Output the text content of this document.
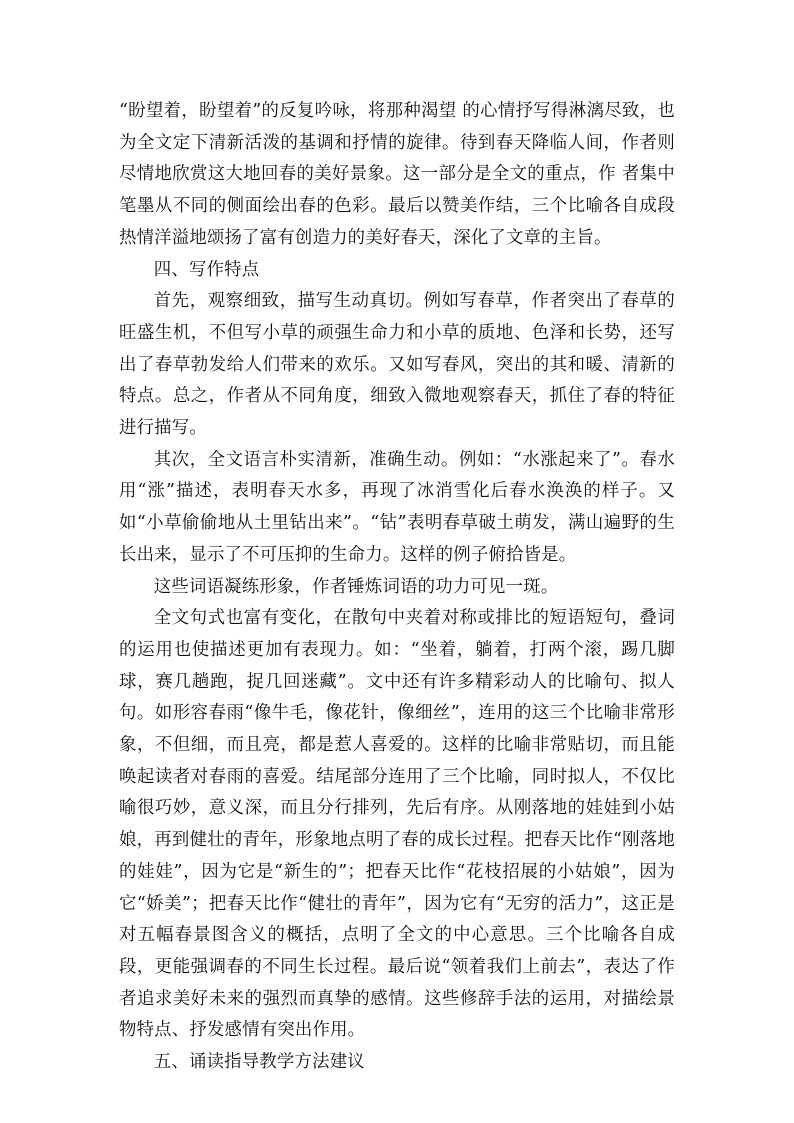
“盼望着，盼望着”的反复吟咏，将那种渴望 的心情抒写得淋漓尽致，也为全文定下清新活泼的基调和抒情的旋律。待到春天降临人间，作者则尽情地欣赏这大地回春的美好景象。这一部分是全文的重点，作 者集中笔墨从不同的侧面绘出春的色彩。最后以赞美作结，三个比喻各自成段热情洋溢地颂扬了富有创造力的美好春天，深化了文章的主旨。

四、写作特点

首先，观察细致，描写生动真切。例如写春草，作者突出了春草的旺盛生机，不但写小草的顽强生命力和小草的质地、色泽和长势，还写出了春草勃发给人们带来的欢乐。又如写春风，突出的其和暖、清新的特点。总之，作者从不同角度，细致入微地观察春天，抓住了春的特征进行描写。

其次，全文语言朴实清新，准确生动。例如：“水涨起来了”。春水用“涨”描述，表明春天水多，再现了冰消雪化后春水涣涣的样子。又如“小草偷偷地从土里钻出来”。“钻”表明春草破土萌发，满山遍野的生长出来，显示了不可压抑的生命力。这样的例子俯拾皆是。

这些词语凝练形象，作者锤炼词语的功力可见一斑。

全文句式也富有变化，在散句中夹着对称或排比的短语短句，叠词的运用也使描述更加有表现力。如：“坐着，躺着，打两个滚，踢几脚球，赛几趟跑，捉几回迷藏”。文中还有许多精彩动人的比喻句、拟人句。如形容春雨“像牛毛，像花针，像细丝”，连用的这三个比喻非常形象，不但细，而且亮，都是惹人喜爱的。这样的比喻非常贴切，而且能唤起读者对春雨的喜爱。结尾部分连用了三个比喻，同时拟人，不仅比喻很巧妙，意义深，而且分行排列，先后有序。从刚落地的娃娃到小姑娘，再到健壮的青年，形象地点明了春的成长过程。把春天比作“刚落地的娃娃”，因为它是“新生的”；把春天比作“花枝招展的小姑娘”，因为它“娇美”；把春天比作“健壮的青年”，因为它有“无穷的活力”，这正是对五幅春景图含义的概括，点明了全文的中心意思。三个比喻各自成段，更能强调春的不同生长过程。最后说“领着我们上前去”，表达了作者追求美好未来的强烈而真挚的感情。这些修辞手法的运用，对描绘景物特点、抒发感情有突出作用。

五、诵读指导教学方法建议
